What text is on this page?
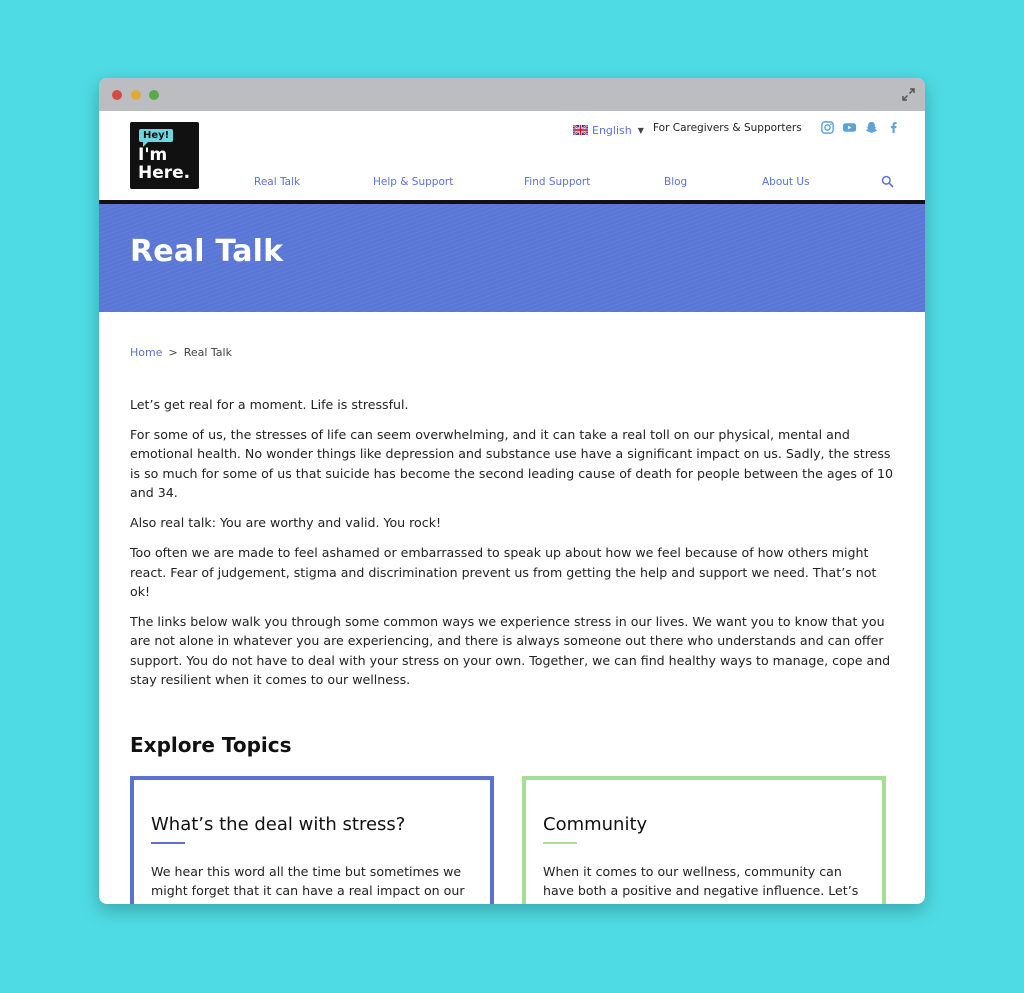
Hey!
I'm
Here.
English ▼ For Caregivers & Supporters
Real Talk	Help & Support	Find Support	Blog	About Us
Real Talk
Home > Real Talk

Let’s get real for a moment. Life is stressful.

For some of us, the stresses of life can seem overwhelming, and it can take a real toll on our physical, mental and emotional health. No wonder things like depression and substance use have a significant impact on us. Sadly, the stress is so much for some of us that suicide has become the second leading cause of death for people between the ages of 10 and 34.

Also real talk: You are worthy and valid. You rock!

Too often we are made to feel ashamed or embarrassed to speak up about how we feel because of how others might react. Fear of judgement, stigma and discrimination prevent us from getting the help and support we need. That’s not ok!

The links below walk you through some common ways we experience stress in our lives. We want you to know that you are not alone in whatever you are experiencing, and there is always someone out there who understands and can offer support. You do not have to deal with your stress on your own. Together, we can find healthy ways to manage, cope and stay resilient when it comes to our wellness.

Explore Topics
What’s the deal with stress?

We hear this word all the time but sometimes we might forget that it can have a real impact on our

Community

When it comes to our wellness, community can have both a positive and negative influence. Let’s
